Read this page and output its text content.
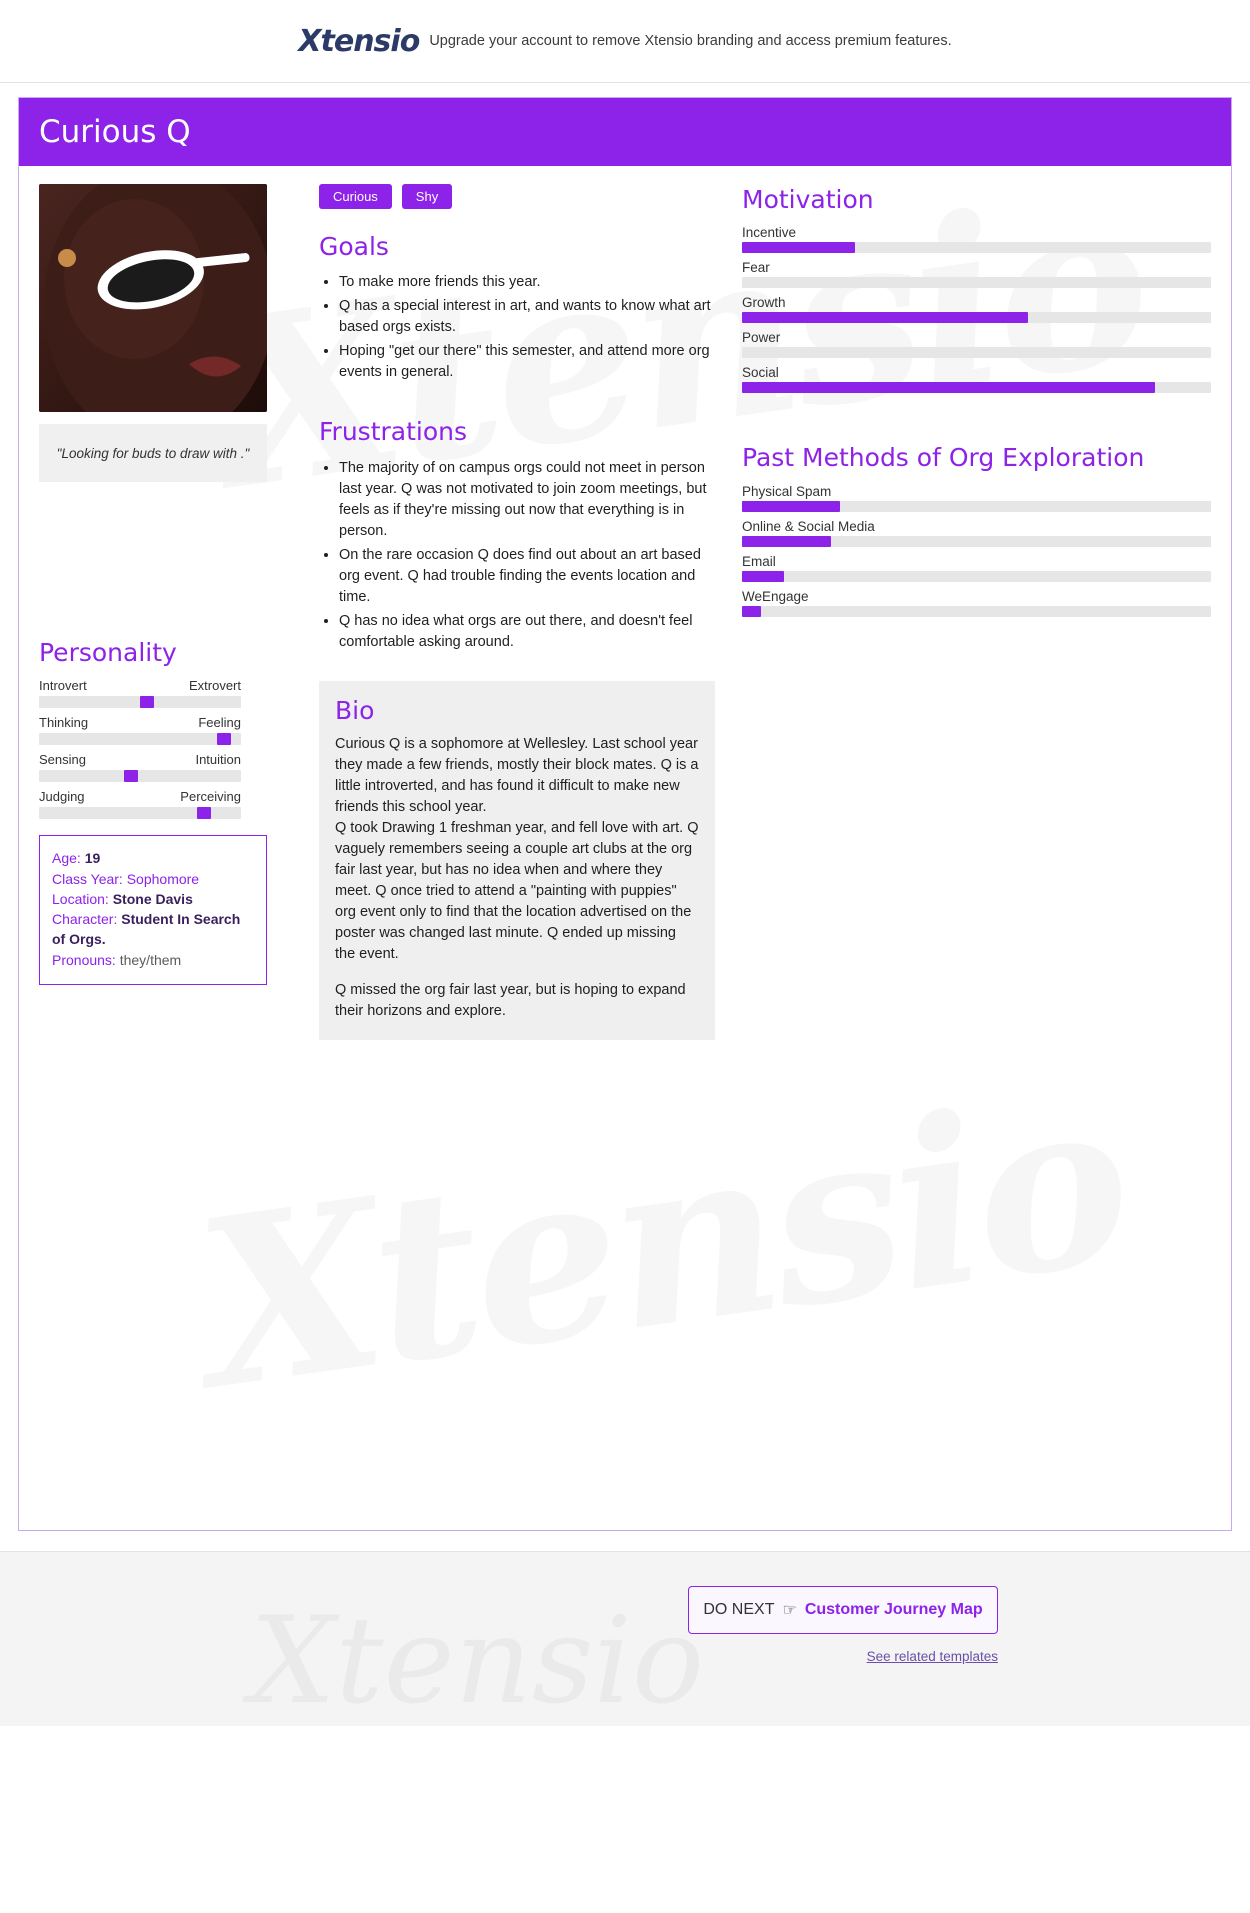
Xtensio Upgrade your account to remove Xtensio branding and access premium features.
Curious Q
"Looking for buds to draw with ."
Personality
Introvert	Extrovert
Thinking	Feeling
Sensing	Intuition
Judging	Perceiving
Age: 19
Class Year: Sophomore
Location: Stone Davis
Character: Student In Search of Orgs.
Pronouns: they/them
Curious	Shy
Goals
• To make more friends this year.
• Q has a special interest in art, and wants to know what art based orgs exists.
• Hoping "get our there" this semester, and attend more org events in general.
Frustrations
• The majority of on campus orgs could not meet in person last year. Q was not motivated to join zoom meetings, but feels as if they're missing out now that everything is in person.
• On the rare occasion Q does find out about an art based org event. Q had trouble finding the events location and time.
• Q has no idea what orgs are out there, and doesn't feel comfortable asking around.
Bio

Curious Q is a sophomore at Wellesley. Last school year they made a few friends, mostly their block mates. Q is a little introverted, and has found it difficult to make new friends this school year.

Q took Drawing 1 freshman year, and fell love with art. Q vaguely remembers seeing a couple art clubs at the org fair last year, but has no idea when and where they meet. Q once tried to attend a "painting with puppies" org event only to find that the location advertised on the poster was changed last minute. Q ended up missing the event.

Q missed the org fair last year, but is hoping to expand their horizons and explore.

Motivation
Incentive
Fear
Growth
Power
Social
Past Methods of Org Exploration
Physical Spam
Online & Social Media
Email
WeEngage
DO NEXT ☞ Customer Journey Map
See related templates
